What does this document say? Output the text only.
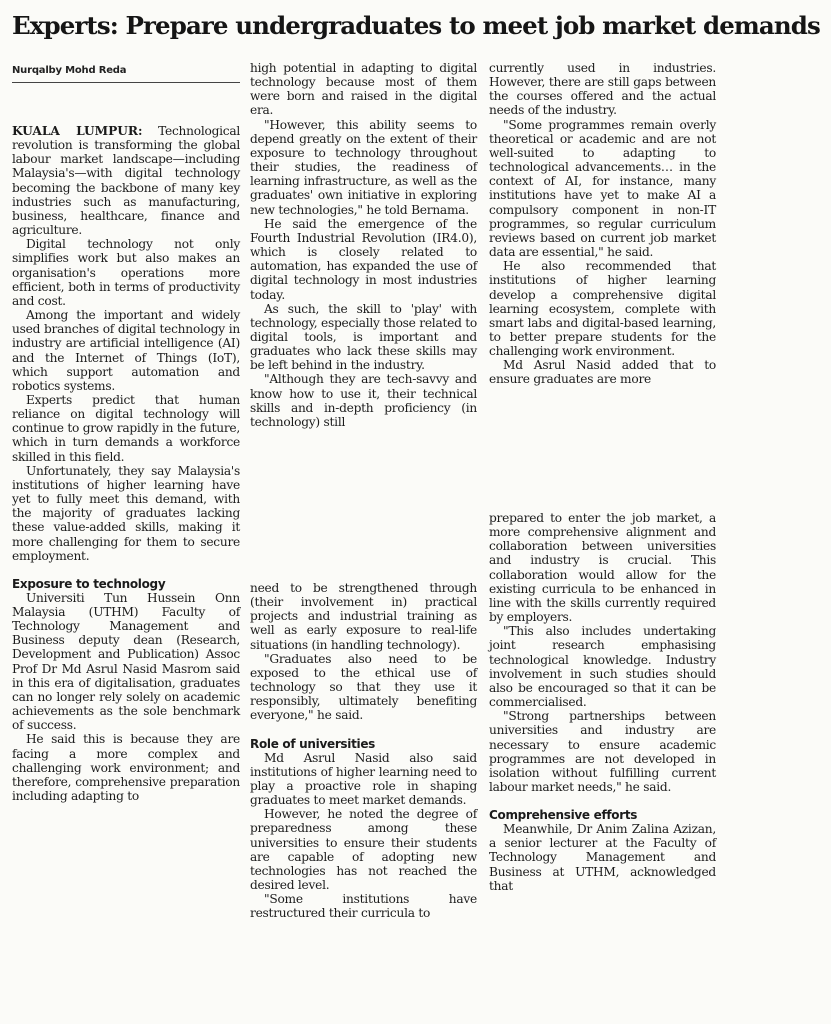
Experts: Prepare undergraduates to meet job market demands
Nurqalby Mohd Reda

KUALA LUMPUR: Technological revolution is transforming the global labour market landscape—including Malaysia's—with digital technology becoming the backbone of many key industries such as manufacturing, business, healthcare, finance and agriculture.

Digital technology not only simplifies work but also makes an organisation's operations more efficient, both in terms of productivity and cost.

Among the important and widely used branches of digital technology in industry are artificial intelligence (AI) and the Internet of Things (IoT), which support automation and robotics systems.

Experts predict that human reliance on digital technology will continue to grow rapidly in the future, which in turn demands a workforce skilled in this field.

Unfortunately, they say Malaysia's institutions of higher learning have yet to fully meet this demand, with the majority of graduates lacking these value-added skills, making it more challenging for them to secure employment.

Exposure to technology

Universiti Tun Hussein Onn Malaysia (UTHM) Faculty of Technology Management and Business deputy dean (Research, Development and Publication) Assoc Prof Dr Md Asrul Nasid Masrom said in this era of digitalisation, graduates can no longer rely solely on academic achievements as the sole benchmark of success.

He said this is because they are facing a more complex and challenging work environment; and therefore, comprehensive preparation including adapting to

high potential in adapting to digital technology because most of them were born and raised in the digital era.

"However, this ability seems to depend greatly on the extent of their exposure to technology throughout their studies, the readiness of learning infrastructure, as well as the graduates' own initiative in exploring new technologies," he told Bernama.

He said the emergence of the Fourth Industrial Revolution (IR4.0), which is closely related to automation, has expanded the use of digital technology in most industries today.

As such, the skill to 'play' with technology, especially those related to digital tools, is important and graduates who lack these skills may be left behind in the industry.

"Although they are tech-savvy and know how to use it, their technical skills and in-depth proficiency (in technology) still

need to be strengthened through (their involvement in) practical projects and industrial training as well as early exposure to real-life situations (in handling technology).

"Graduates also need to be exposed to the ethical use of technology so that they use it responsibly, ultimately benefiting everyone," he said.

Role of universities

Md Asrul Nasid also said institutions of higher learning need to play a proactive role in shaping graduates to meet market demands.

However, he noted the degree of preparedness among these universities to ensure their students are capable of adopting new technologies has not reached the desired level.

"Some institutions have restructured their curricula to

currently used in industries. However, there are still gaps between the courses offered and the actual needs of the industry.

"Some programmes remain overly theoretical or academic and are not well-suited to adapting to technological advancements… in the context of AI, for instance, many institutions have yet to make AI a compulsory component in non-IT programmes, so regular curriculum reviews based on current job market data are essential," he said.

He also recommended that institutions of higher learning develop a comprehensive digital learning ecosystem, complete with smart labs and digital-based learning, to better prepare students for the challenging work environment.

Md Asrul Nasid added that to ensure graduates are more

prepared to enter the job market, a more comprehensive alignment and collaboration between universities and industry is crucial. This collaboration would allow for the existing curricula to be enhanced in line with the skills currently required by employers.

"This also includes undertaking joint research emphasising technological knowledge. Industry involvement in such studies should also be encouraged so that it can be commercialised.

"Strong partnerships between universities and industry are necessary to ensure academic programmes are not developed in isolation without fulfilling current labour market needs," he said.

Comprehensive efforts

Meanwhile, Dr Anim Zalina Azizan, a senior lecturer at the Faculty of Technology Management and Business at UTHM, acknowledged that
